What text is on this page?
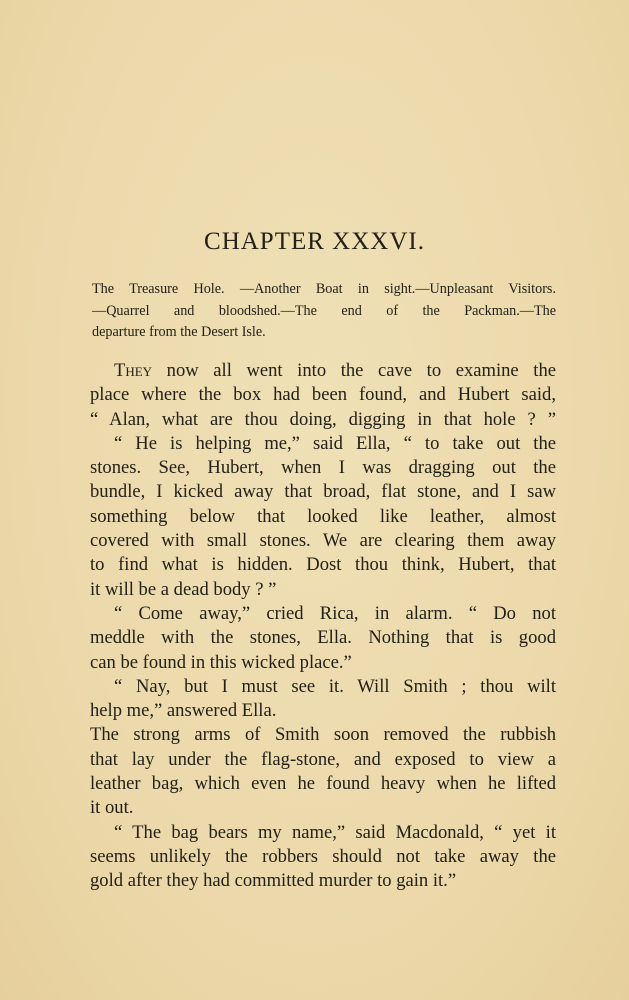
CHAPTER XXXVI.
The Treasure Hole. —Another Boat in sight.—Unpleasant Visitors.
—Quarrel and bloodshed.—The end of the Packman.—The
departure from the Desert Isle.
They now all went into the cave to examine the
place where the box had been found, and Hubert said,
“ Alan, what are thou doing, digging in that hole ? ”
“ He is helping me,” said Ella, “ to take out the
stones. See, Hubert, when I was dragging out the
bundle, I kicked away that broad, flat stone, and I saw
something below that looked like leather, almost
covered with small stones. We are clearing them away
to find what is hidden. Dost thou think, Hubert, that
it will be a dead body ? ”
“ Come away,” cried Rica, in alarm. “ Do not
meddle with the stones, Ella. Nothing that is good
can be found in this wicked place.”
“ Nay, but I must see it. Will Smith ; thou wilt
help me,” answered Ella.
The strong arms of Smith soon removed the rubbish
that lay under the flag-stone, and exposed to view a
leather bag, which even he found heavy when he lifted
it out.
“ The bag bears my name,” said Macdonald, “ yet it
seems unlikely the robbers should not take away the
gold after they had committed murder to gain it.”
